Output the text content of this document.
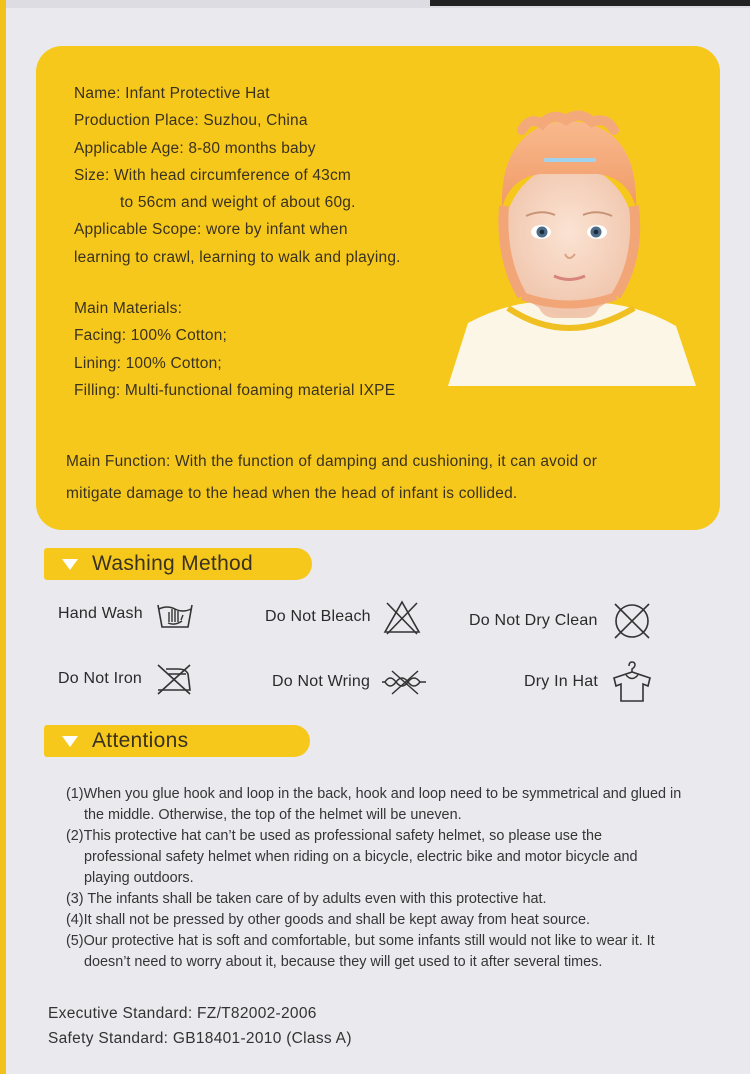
Name: Infant Protective Hat
Production Place: Suzhou, China
Applicable Age: 8-80 months baby
Size: With head circumference of 43cm
to 56cm and weight of about 60g.
Applicable Scope: wore by infant when
learning to crawl, learning to walk and playing.
Main Materials:
Facing: 100% Cotton;
Lining: 100% Cotton;
Filling: Multi-functional foaming material IXPE
Main Function: With the function of damping and cushioning, it can avoid or
mitigate damage to the head when the head of infant is collided.
Washing Method
Hand Wash	Do Not Bleach	Do Not Dry Clean
Do Not Iron	Do Not Wring	Dry In Hat
Attentions
(1)When you glue hook and loop in the back, hook and loop need to be symmetrical and glued in
the middle. Otherwise, the top of the helmet will be uneven.
(2)This protective hat can’t be used as professional safety helmet, so please use the
professional safety helmet when riding on a bicycle, electric bike and motor bicycle and
playing outdoors.
(3) The infants shall be taken care of by adults even with this protective hat.
(4)It shall not be pressed by other goods and shall be kept away from heat source.
(5)Our protective hat is soft and comfortable, but some infants still would not like to wear it. It
doesn’t need to worry about it, because they will get used to it after several times.
Executive Standard: FZ/T82002-2006
Safety Standard: GB18401-2010 (Class A)
